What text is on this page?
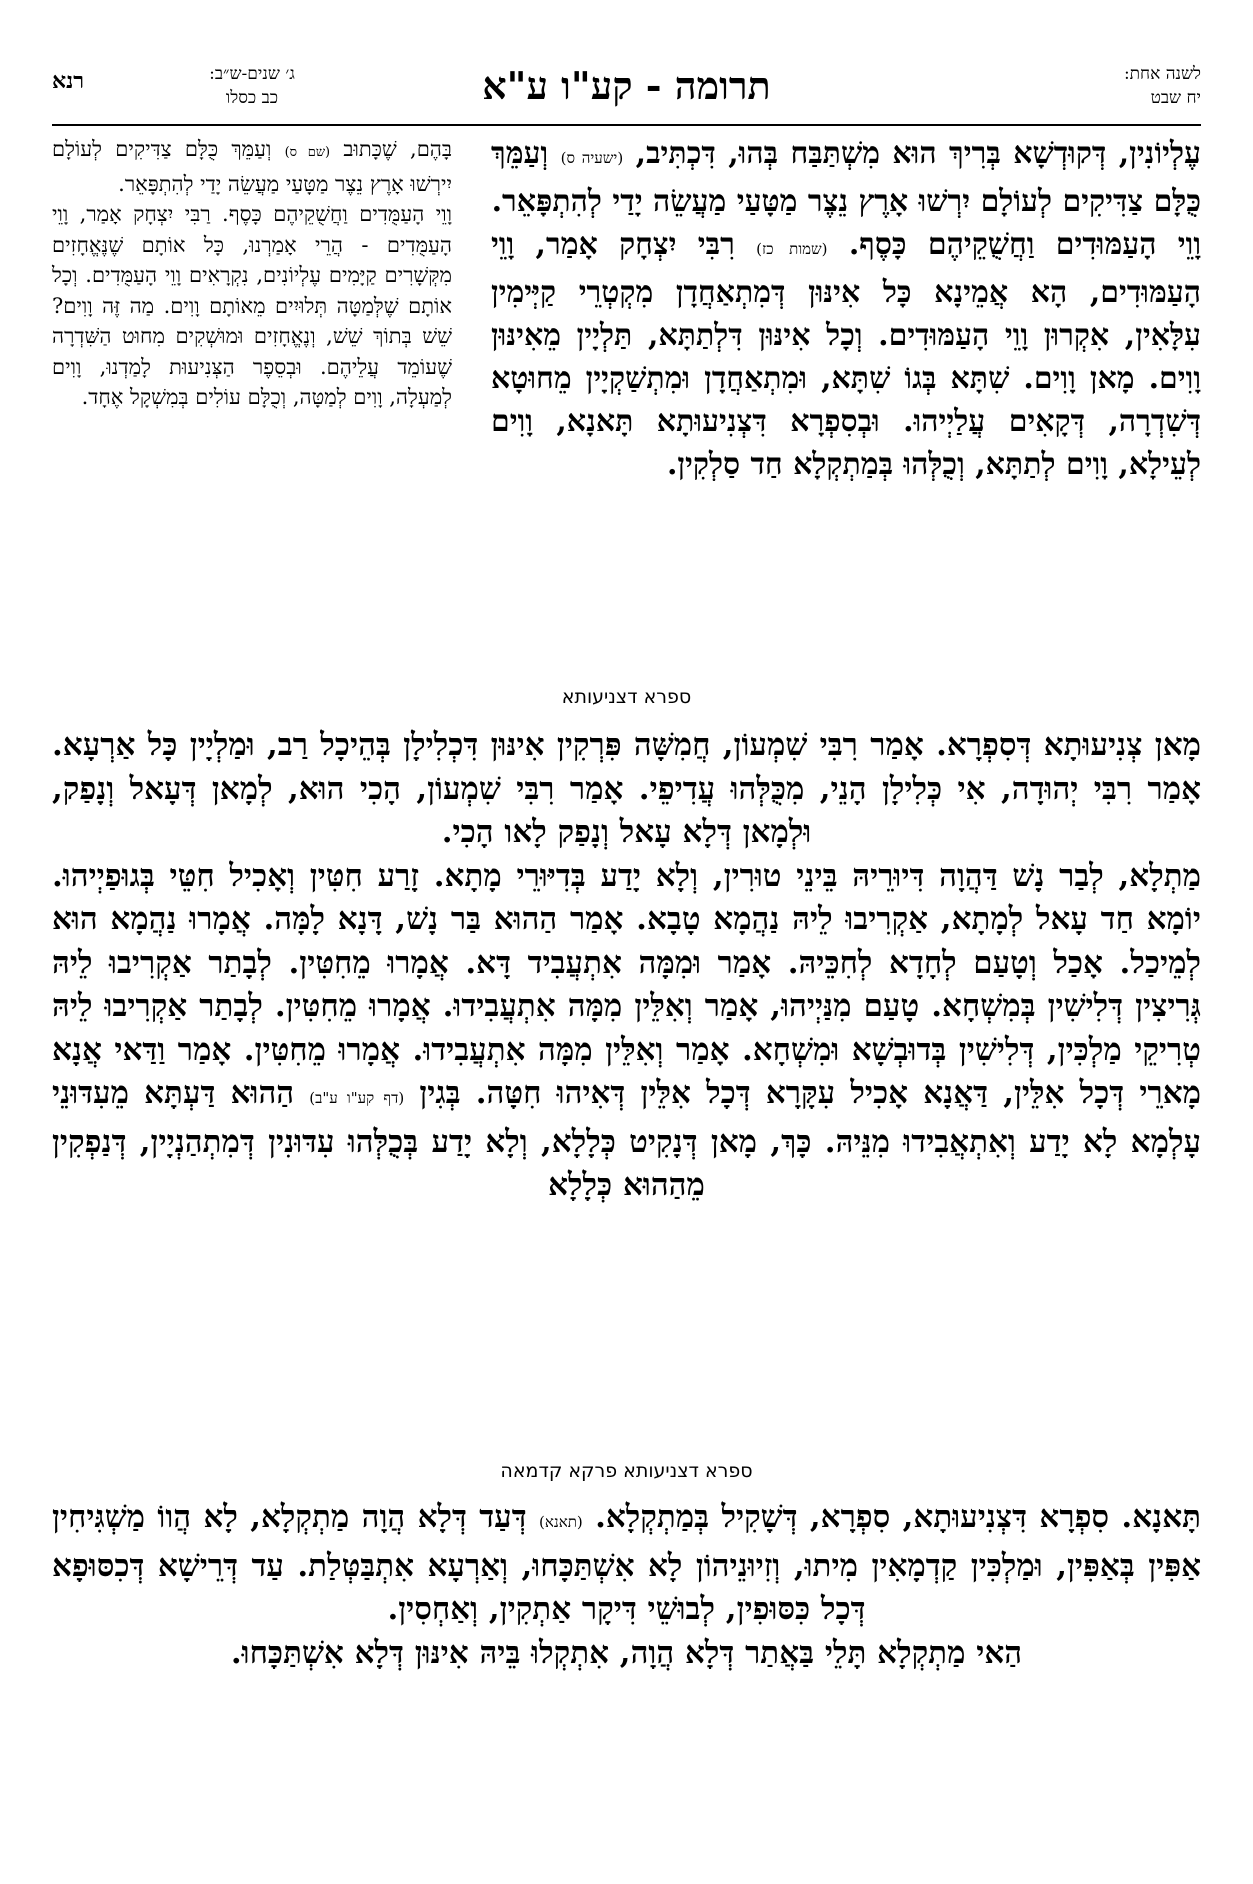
לשנה אחת:
יח שבט
תרומה - קע"ו ע"א
ג׳ שנים-ש״ב:
כב כסלו
רנא

עֶלְיוֹנִין, דְּקוּדְשָׁא בְּרִיךְ הוּא מִשְׁתַּבַּח בְּהוּ, דִּכְתִּיב, (ישעיה ס) וְעַמֵּךְ כֻּלָּם צַדִּיקִים לְעוֹלָם יִרְשׁוּ אָרֶץ נֵצֶר מַטָּעַי מַעֲשֵׂה יָדַי לְהִתְפָּאֵר.

וָוֵי הָעַמּוּדִים וַחֲשֻׁקֵיהֶם כָּסֶף. (שמות כז) רִבִּי יִצְחָק אָמַר, וָוֵי הָעַמּוּדִים, הָא אֲמֵינָא כָּל אִינּוּן דְּמִתְאַחֲדָן מִקְטְרֵי קַיְּימִין עִלָּאִין, אִקְרוּן וָוֵי הָעַמּוּדִים. וְכָל אִינּוּן דִּלְתַתָּא, תַּלְיָין מֵאִינּוּן וָוִים. מָאן וָוִים. שִׁתָּא בְּגוֹ שִׁתָּא, וּמִתְאַחֲדָן וּמִתְשַׁקְיָין מֵחוּטָא דְּשִׁדְרָה, דְּקָאִים עֲלַיְיהוּ. וּבְסִפְרָא דִּצְנִיעוּתָא תָּאנָא, וָוִים לְעֵילָא, וָוִים לְתַתָּא, וְכֻלְּהוּ בְּמַתְקְלָא חַד סַלְקִין.

בָּהֶם, שֶׁכָּתוּב (שם ס) וְעַמֵּךְ כֻּלָּם צַדִּיקִים לְעוֹלָם יִירְשׁוּ אָרֶץ נֵצֶר מַטָּעַי מַעֲשֵׂה יָדַי לְהִתְפָּאֵר.

וָוֵי הָעַמֻּדִים וַחֲשֻׁקֵיהֶם כָּסֶף. רַבִּי יִצְחָק אָמַר, וָוֵי הָעַמֻּדִים - הֲרֵי אָמַרְנוּ, כָּל אוֹתָם שֶׁנֶּאֱחָזִים מִקְּשָׁרִים קַיָּמִים עֶלְיוֹנִים, נִקְרָאִים וָוֵי הָעַמֻּדִים. וְכָל אוֹתָם שֶׁלְּמַטָּה תְּלוּיִים מֵאוֹתָם וָוִים. מַה זֶּה וָוִים? שֵׁשׁ בְּתוֹךְ שֵׁשׁ, וְנֶאֱחָזִים וּמוּשְׁקִים מִחוּט הַשִּׁדְרָה שֶׁעוֹמֵד עֲלֵיהֶם. וּבְסֵפֶר הַצְּנִיעוּת לָמַדְנוּ, וָוִים לְמַעְלָה, וָוִים לְמַטָּה, וְכֻלָּם עוֹלִים בְּמִשְׁקָל אֶחָד.

ספרא דצניעותא

מָאן צְנִיעוּתָא דְּסִפְרָא. אָמַר רִבִּי שִׁמְעוֹן, חֲמִשָּׁה פִּרְקִין אִינּוּן דִּכְלִילָן בְּהֵיכָל רַב, וּמַלְיָין כָּל אַרְעָא. אָמַר רִבִּי יְהוּדָה, אִי כְּלִילָן הָנֵי, מִכֻּלְּהוּ עֲדִיפֵי. אָמַר רִבִּי שִׁמְעוֹן, הָכִי הוּא, לְמָאן דְּעָאל וְנָפַק, וּלְמָאן דְּלָא עָאל וְנָפַק לָאו הָכִי.

מַתְלָא, לְבַר נָשׁ דַּהֲוָה דִּיוּרֵיהּ בֵּינֵי טוּרִין, וְלָא יָדַע בְּדִיּוּרֵי מָתָא. זָרַע חִטִּין וְאָכִיל חִטֵּי בְּגוּפַיְיהוּ. יוֹמָא חַד עָאל לְמָתָא, אַקְרִיבוּ לֵיהּ נַהֲמָא טָבָא. אָמַר הַהוּא בַּר נָשׁ, דָּנָא לָמָּה. אֲמָרוּ נַהֲמָא הוּא לְמֵיכַל. אָכַל וְטָעַם לְחָדָא לְחִכֵּיהּ. אָמַר וּמִמָּה אִתְעֲבִיד דָּא. אֲמָרוּ מֵחִטִּין. לְבָתַר אַקְרִיבוּ לֵיהּ גְּרִיצִין דְּלִישִׁין בְּמִשְׁחָא. טָעַם מִנַּיְיהוּ, אָמַר וְאִלֵּין מִמָּה אִתְעֲבִידוּ. אֲמָרוּ מֵחִטִּין. לְבָתַר אַקְרִיבוּ לֵיהּ טְרִיקֵי מַלְכִּין, דְּלִישִׁין בְּדוּבְשָׁא וּמִשְׁחָא. אָמַר וְאִלֵּין מִמָּה אִתְעֲבִידוּ. אֲמָרוּ מֵחִטִּין. אָמַר וַדַּאי אֲנָא מָארֵי דְּכָל אִלֵּין, דַּאֲנָא אָכִיל עִקָּרָא דְּכָל אִלֵּין דְּאִיהוּ חִטָּה. בְּגִין (דף קע"ו ע"ב) הַהוּא דַּעְתָּא מֵעִדּוּנֵי עָלְמָא לָא יָדַע וְאִתְאֲבִידוּ מִנֵּיהּ. כָּךְ, מָאן דְּנָקִיט כְּלָלָא, וְלָא יָדַע בְּכֻלְּהוּ עִדּוּנִין דְּמִתְהַנְיָין, דְּנַפְקִין מֵהַהוּא כְּלָלָא

ספרא דצניעותא פרקא קדמאה

תָּאנָא. סִפְרָא דִּצְנִיעוּתָא, סִפְרָא, דְּשָׁקִיל בְּמַתְקְלָא. (תאנא) דְּעַד דְּלָא הֲוָה מַתְקְלָא, לָא הֲווֹ מַשְׁגִּיחִין אַפִּין בְּאַפִּין, וּמַלְכִּין קַדְמָאִין מִיתוּ, וְזִיוּנֵיהוֹן לָא אִשְׁתַּכָּחוּ, וְאַרְעָא אִתְבַּטְּלַת. עַד דְּרֵישָׁא דְּכִסּוּפָא דְּכָל כִּסּוּפִין, לְבוּשֵׁי דִּיקָר אַתְקִין, וְאַחְסִין.

הַאי מַתְקְלָא תָּלֵי בַּאֲתַר דְּלָא הֲוָה, אִתְקְלוּ בֵּיהּ אִינּוּן דְּלָא אִשְׁתַּכָּחוּ.
